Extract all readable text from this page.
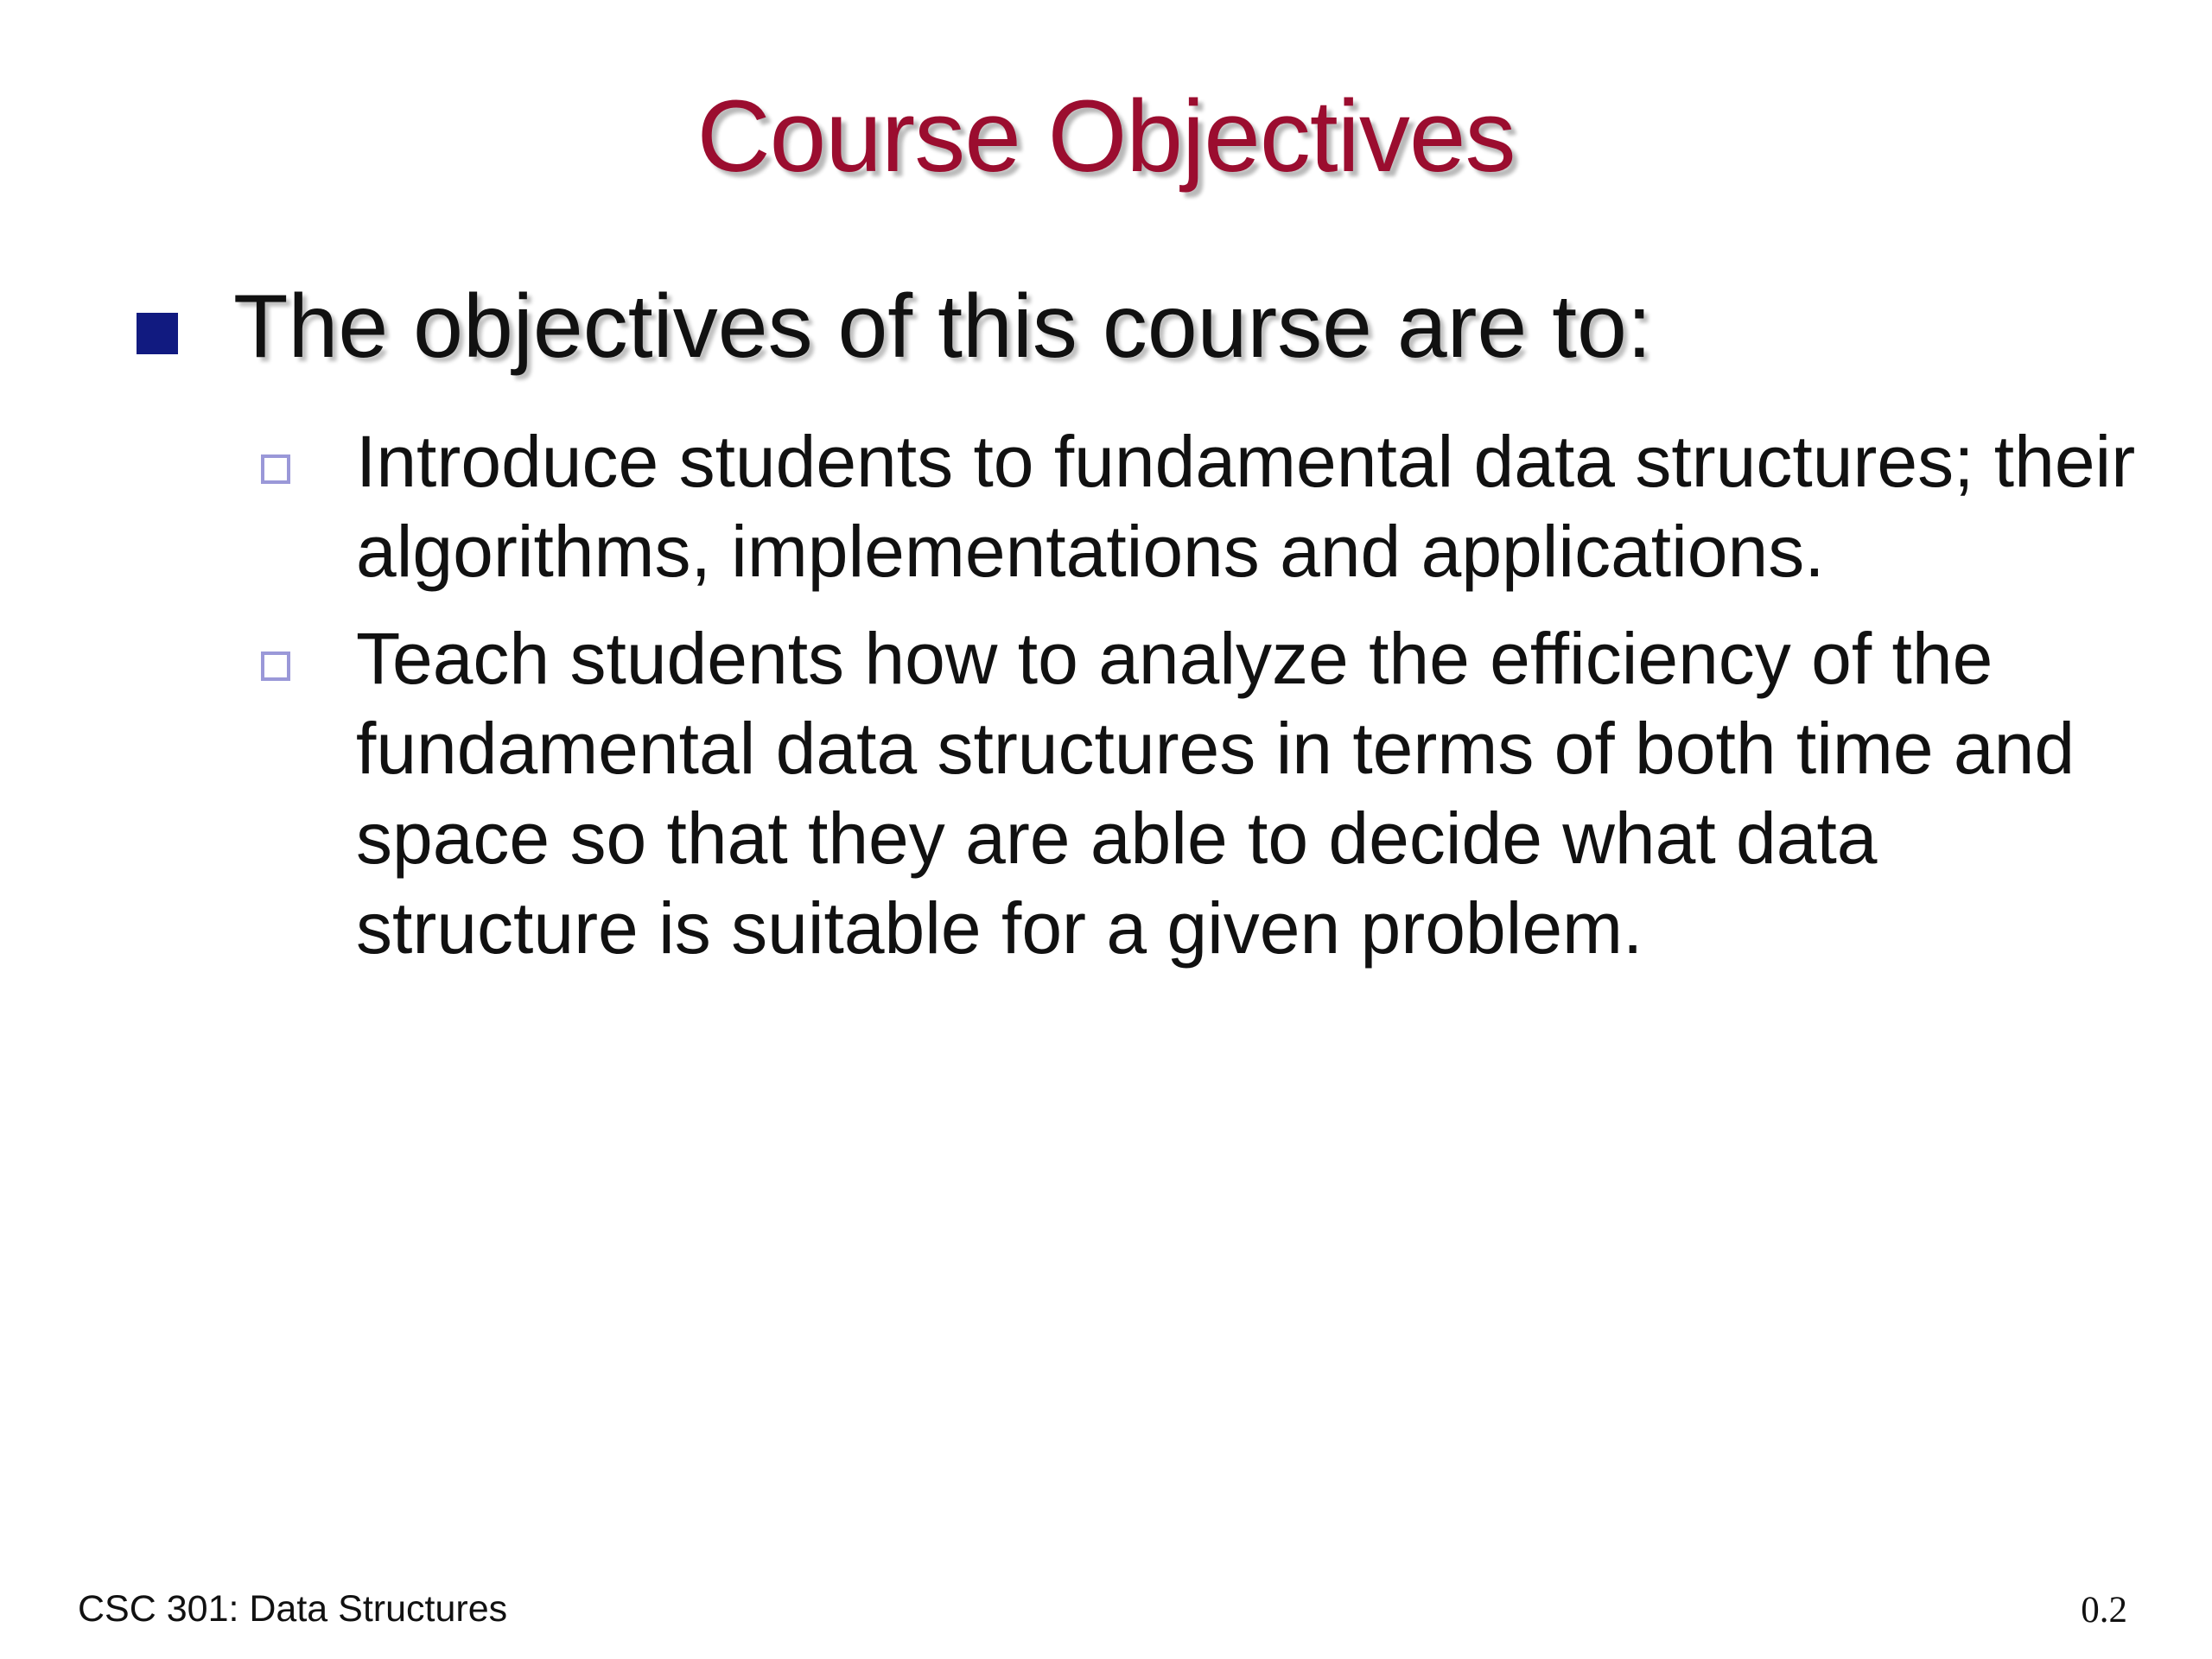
Course Objectives
The objectives of this course are to:
Introduce students to fundamental data structures; their algorithms, implementations and applications.
Teach students how to analyze the efficiency of the fundamental data structures in terms of both time and space so that they are able to decide what data structure is suitable for a given problem.
CSC 301: Data Structures	0.2
